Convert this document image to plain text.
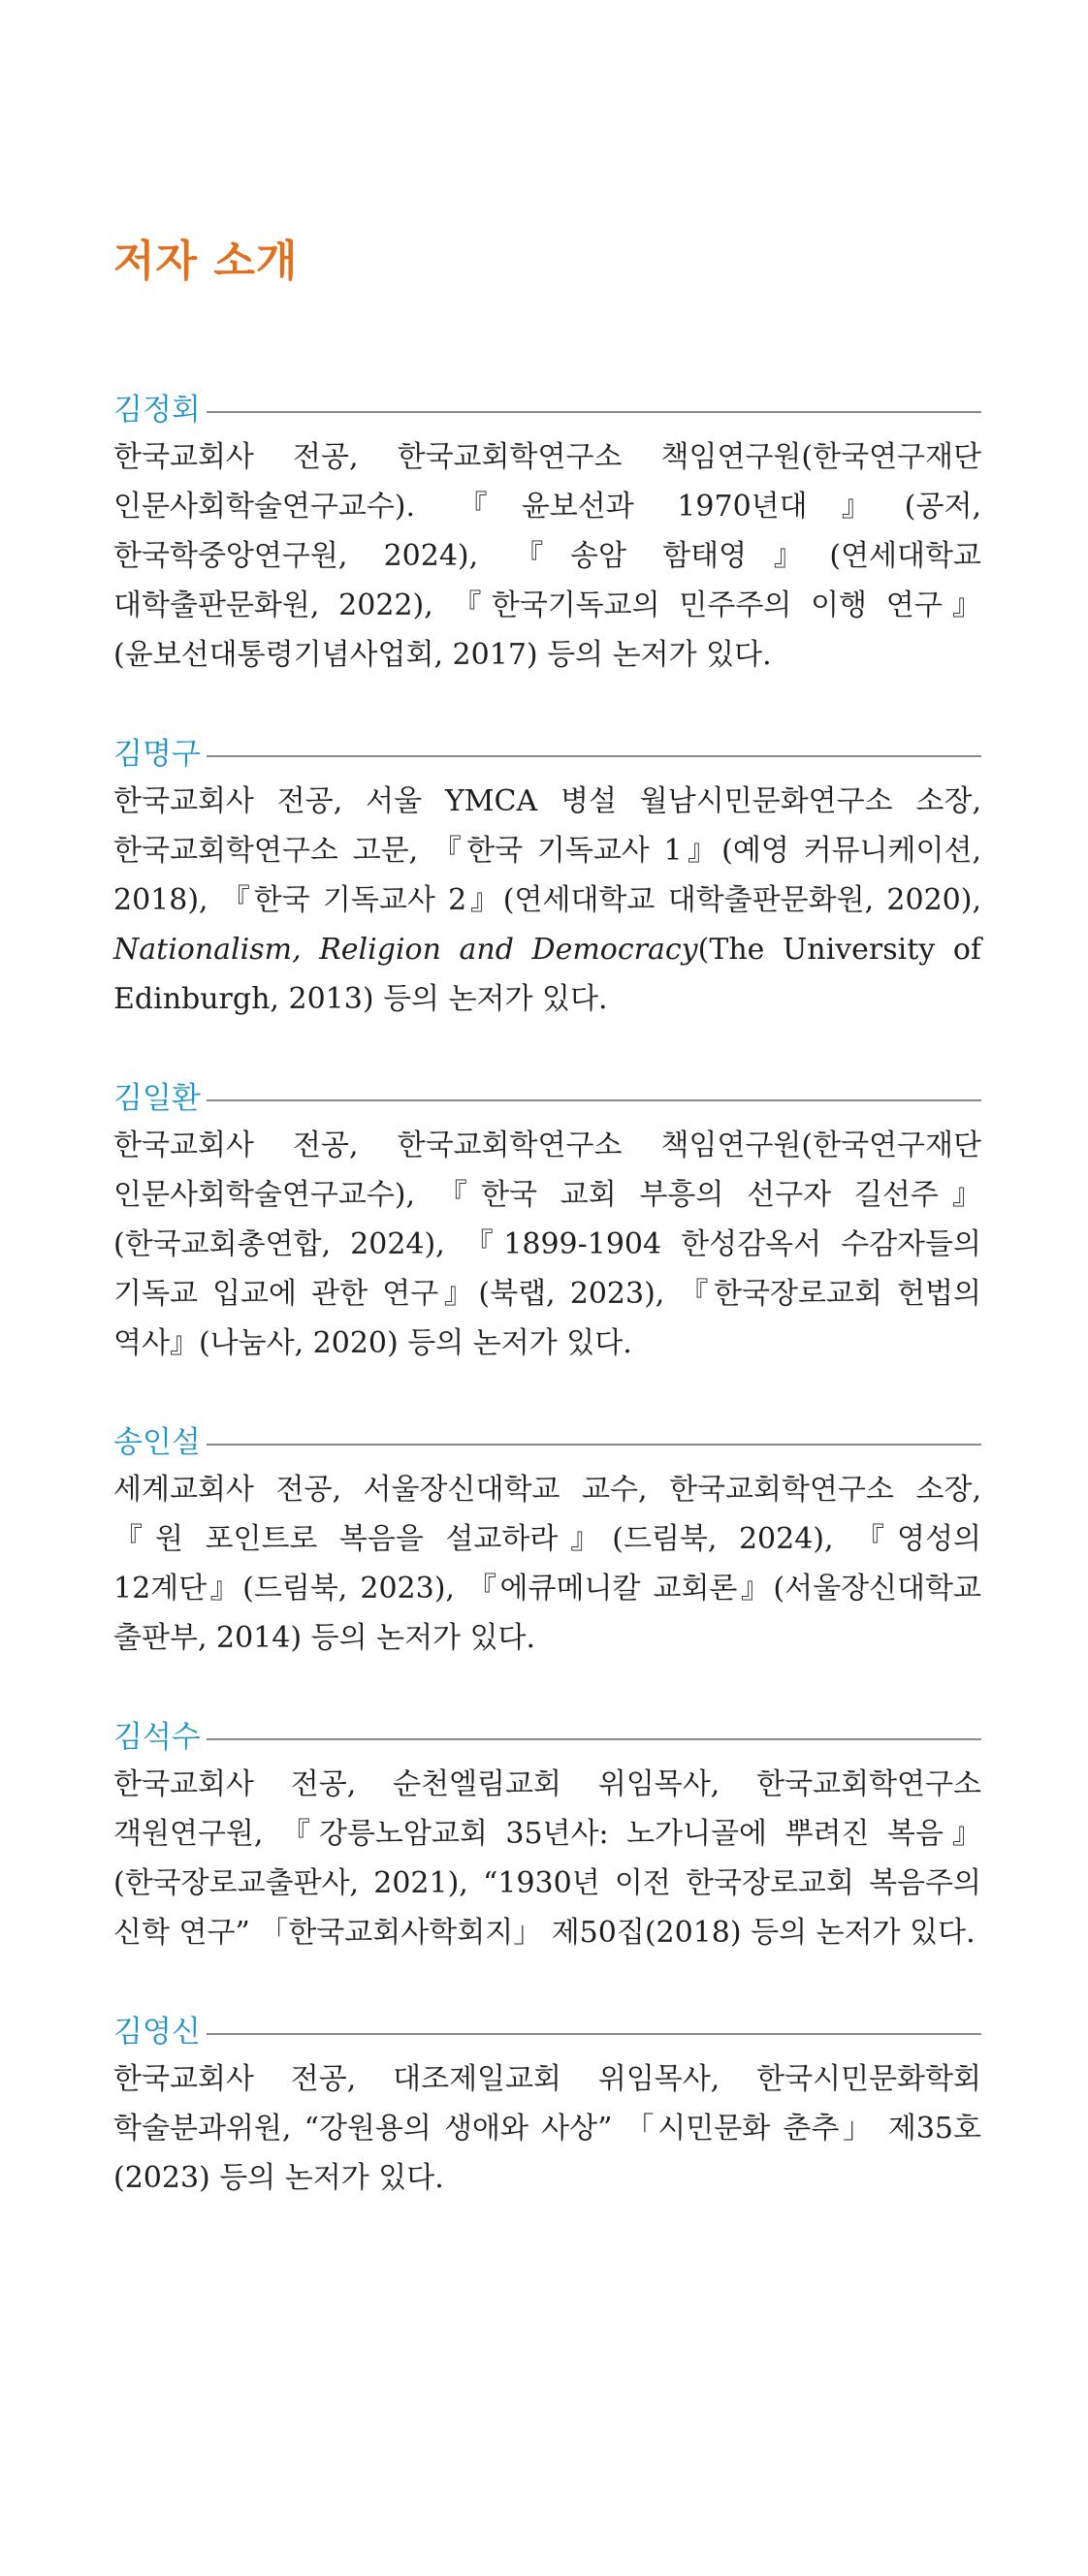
저자 소개
김정회

한국교회사 전공, 한국교회학연구소 책임연구원(한국연구재단 인문사회학술연구교수). 『윤보선과 1970년대』(공저, 한국학중앙연구원, 2024), 『송암 함태영』(연세대학교 대학출판문화원, 2022), 『한국기독교의 민주주의 이행 연구』(윤보선대통령기념사업회, 2017) 등의 논저가 있다.

김명구

한국교회사 전공, 서울 YMCA 병설 월남시민문화연구소 소장, 한국교회학연구소 고문, 『한국 기독교사 1』(예영 커뮤니케이션, 2018), 『한국 기독교사 2』(연세대학교 대학출판문화원, 2020), Nationalism, Religion and Democracy(The University of Edinburgh, 2013) 등의 논저가 있다.

김일환

한국교회사 전공, 한국교회학연구소 책임연구원(한국연구재단 인문사회학술연구교수), 『한국 교회 부흥의 선구자 길선주』(한국교회총연합, 2024), 『1899-1904 한성감옥서 수감자들의 기독교 입교에 관한 연구』(북랩, 2023), 『한국장로교회 헌법의 역사』(나눔사, 2020) 등의 논저가 있다.

송인설

세계교회사 전공, 서울장신대학교 교수, 한국교회학연구소 소장, 『원 포인트로 복음을 설교하라』(드림북, 2024), 『영성의 12계단』(드림북, 2023), 『에큐메니칼 교회론』(서울장신대학교 출판부, 2014) 등의 논저가 있다.

김석수

한국교회사 전공, 순천엘림교회 위임목사, 한국교회학연구소 객원연구원, 『강릉노암교회 35년사: 노가니골에 뿌려진 복음』(한국장로교출판사, 2021), “1930년 이전 한국장로교회 복음주의 신학 연구” 「한국교회사학회지」 제50집(2018) 등의 논저가 있다.

김영신

한국교회사 전공, 대조제일교회 위임목사, 한국시민문화학회 학술분과위원, “강원용의 생애와 사상” 「시민문화 춘추」 제35호(2023) 등의 논저가 있다.
